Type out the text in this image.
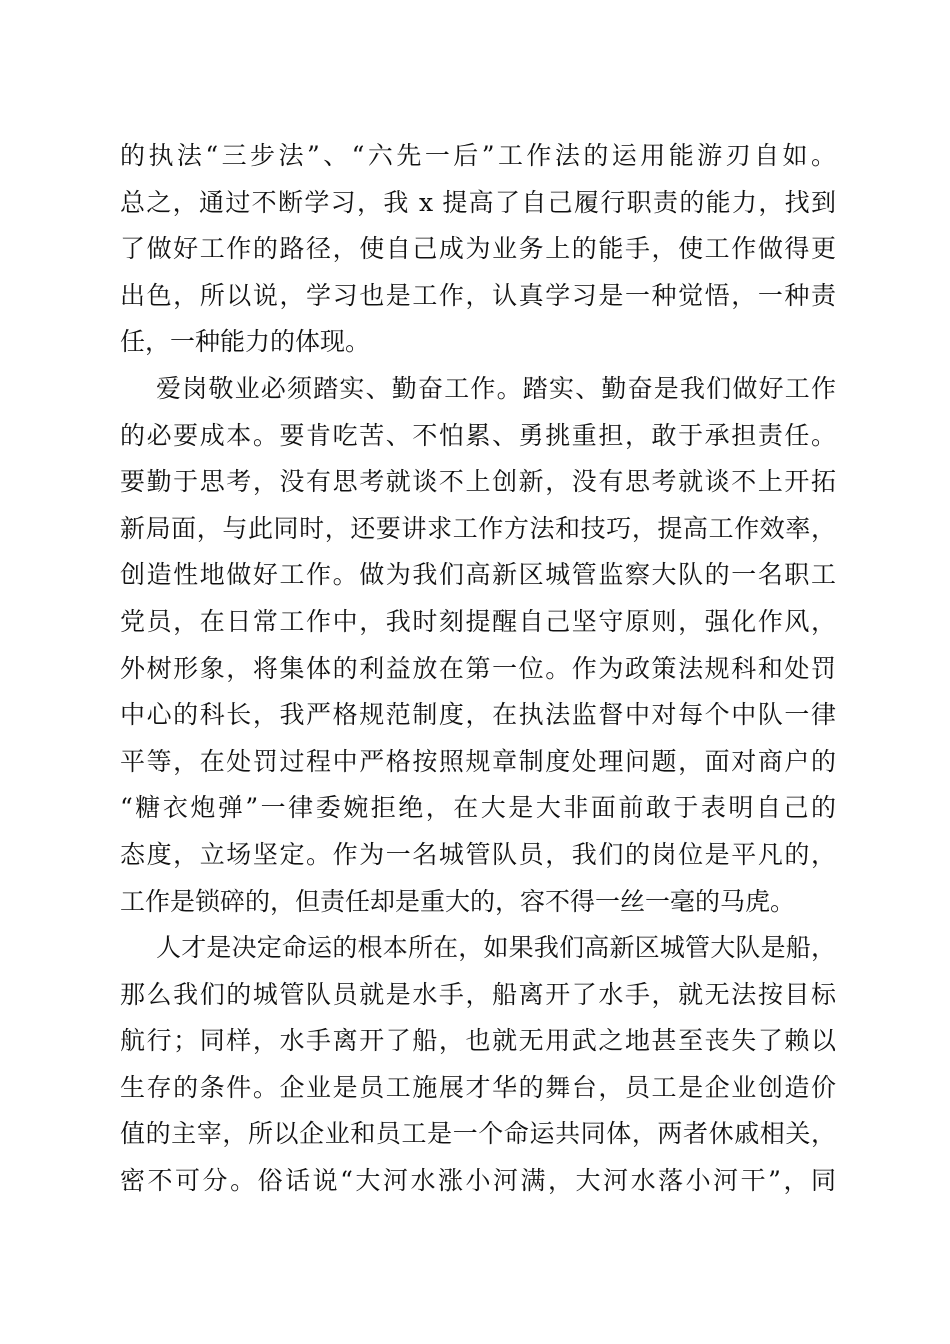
的执法“三步法”、“六先一后”工作法的运用能游刃自如。
总之，通过不断学习，我 x 提高了自己履行职责的能力，找到
了做好工作的路径，使自己成为业务上的能手，使工作做得更
出色，所以说，学习也是工作，认真学习是一种觉悟，一种责
任，一种能力的体现。
爱岗敬业必须踏实、勤奋工作。踏实、勤奋是我们做好工作
的必要成本。要肯吃苦、不怕累、勇挑重担，敢于承担责任。
要勤于思考，没有思考就谈不上创新，没有思考就谈不上开拓
新局面，与此同时，还要讲求工作方法和技巧，提高工作效率，
创造性地做好工作。做为我们高新区城管监察大队的一名职工
党员，在日常工作中，我时刻提醒自己坚守原则，强化作风，
外树形象，将集体的利益放在第一位。作为政策法规科和处罚
中心的科长，我严格规范制度，在执法监督中对每个中队一律
平等，在处罚过程中严格按照规章制度处理问题，面对商户的
“糖衣炮弹”一律委婉拒绝，在大是大非面前敢于表明自己的
态度，立场坚定。作为一名城管队员，我们的岗位是平凡的，
工作是锁碎的，但责任却是重大的，容不得一丝一毫的马虎。
人才是决定命运的根本所在，如果我们高新区城管大队是船，
那么我们的城管队员就是水手，船离开了水手，就无法按目标
航行；同样，水手离开了船，也就无用武之地甚至丧失了赖以
生存的条件。企业是员工施展才华的舞台，员工是企业创造价
值的主宰，所以企业和员工是一个命运共同体，两者休戚相关，
密不可分。俗话说“大河水涨小河满，大河水落小河干”，同
